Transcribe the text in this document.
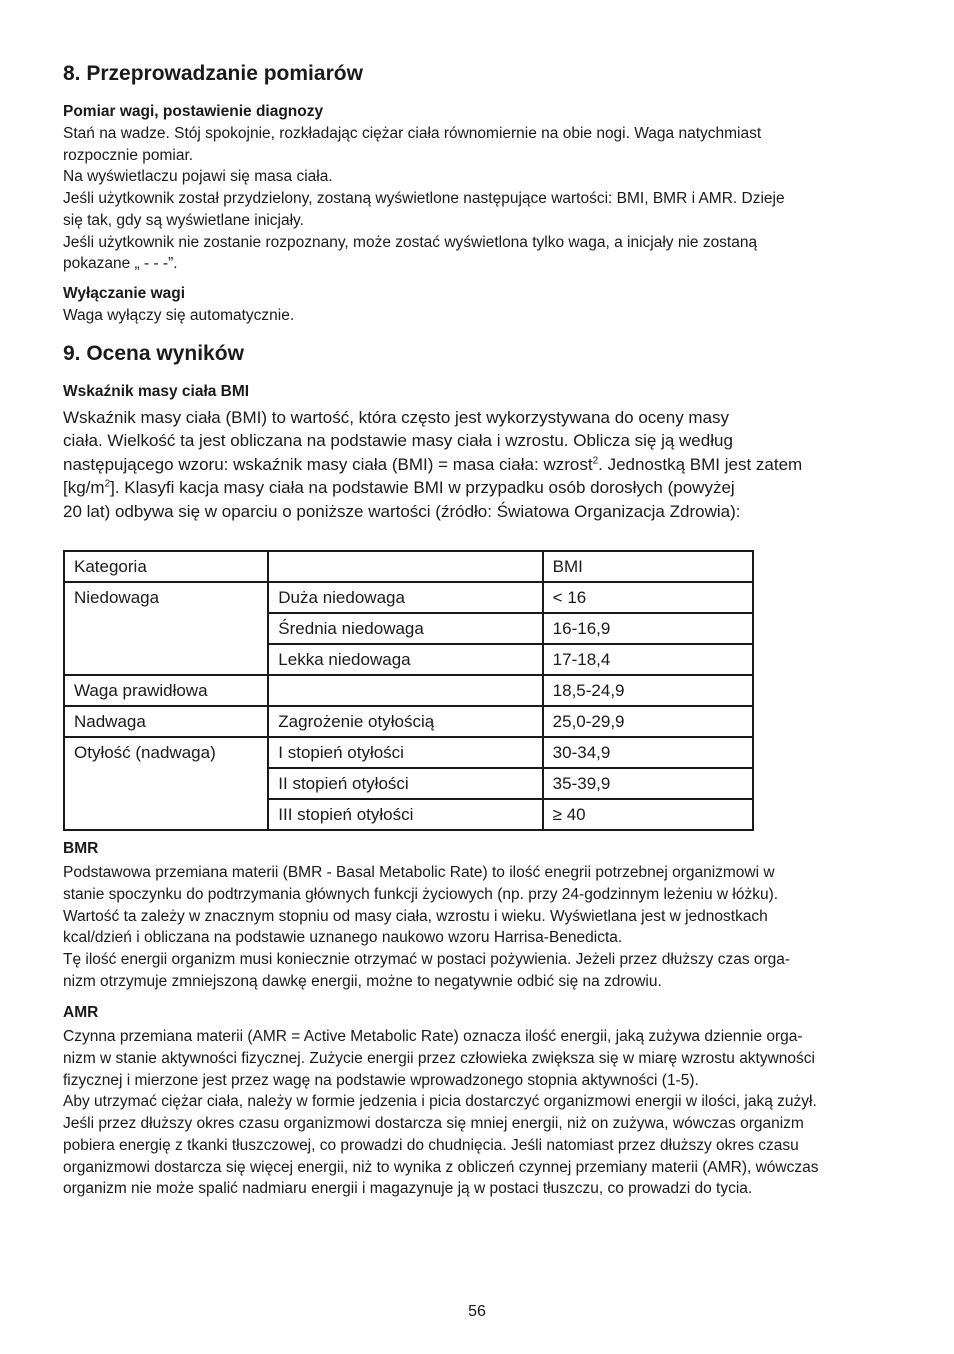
8. Przeprowadzanie pomiarów
Pomiar wagi, postawienie diagnozy
Stań na wadze. Stój spokojnie, rozkładając ciężar ciała równomiernie na obie nogi. Waga natychmiast
rozpocznie pomiar.
Na wyświetlaczu pojawi się masa ciała.
Jeśli użytkownik został przydzielony, zostaną wyświetlone następujące wartości: BMI, BMR i AMR. Dzieje
się tak, gdy są wyświetlane inicjały.
Jeśli użytkownik nie zostanie rozpoznany, może zostać wyświetlona tylko waga, a inicjały nie zostaną
pokazane „ - - -”.
Wyłączanie wagi
Waga wyłączy się automatycznie.
9. Ocena wyników
Wskaźnik masy ciała BMI
Wskaźnik masy ciała (BMI) to wartość, która często jest wykorzystywana do oceny masy
ciała. Wielkość ta jest obliczana na podstawie masy ciała i wzrostu. Oblicza się ją według
następującego wzoru: wskaźnik masy ciała (BMI) = masa ciała: wzrost$^2$. Jednostką BMI jest zatem
$[kg/m^2]$. Klasyfi kacja masy ciała na podstawie BMI w przypadku osób dorosłych (powyżej
20 lat) odbywa się w oparciu o poniższe wartości (źródło: Światowa Organizacja Zdrowia):
Kategoria		BMI
Niedowaga	Duża niedowaga	< 16
	Średnia niedowaga	16-16,9
	Lekka niedowaga	17-18,4
Waga prawidłowa		18,5-24,9
Nadwaga	Zagrożenie otyłością	25,0-29,9
Otyłość (nadwaga)	I stopień otyłości	30-34,9
	II stopień otyłości	35-39,9
	III stopień otyłości	≥ 40
BMR
Podstawowa przemiana materii (BMR - Basal Metabolic Rate) to ilość enegrii potrzebnej organizmowi w
stanie spoczynku do podtrzymania głównych funkcji życiowych (np. przy 24-godzinnym leżeniu w łóżku).
Wartość ta zależy w znacznym stopniu od masy ciała, wzrostu i wieku. Wyświetlana jest w jednostkach
kcal/dzień i obliczana na podstawie uznanego naukowo wzoru Harrisa-Benedicta.
Tę ilość energii organizm musi koniecznie otrzymać w postaci pożywienia. Jeżeli przez dłuższy czas orga-
nizm otrzymuje zmniejszoną dawkę energii, możne to negatywnie odbić się na zdrowiu.
AMR
Czynna przemiana materii (AMR = Active Metabolic Rate) oznacza ilość energii, jaką zużywa dziennie orga-
nizm w stanie aktywności fizycznej. Zużycie energii przez człowieka zwiększa się w miarę wzrostu aktywności
fizycznej i mierzone jest przez wagę na podstawie wprowadzonego stopnia aktywności (1-5).
Aby utrzymać ciężar ciała, należy w formie jedzenia i picia dostarczyć organizmowi energii w ilości, jaką zużył.
Jeśli przez dłuższy okres czasu organizmowi dostarcza się mniej energii, niż on zużywa, wówczas organizm
pobiera energię z tkanki tłuszczowej, co prowadzi do chudnięcia. Jeśli natomiast przez dłuższy okres czasu
organizmowi dostarcza się więcej energii, niż to wynika z obliczeń czynnej przemiany materii (AMR), wówczas
organizm nie może spalić nadmiaru energii i magazynuje ją w postaci tłuszczu, co prowadzi do tycia.
56
